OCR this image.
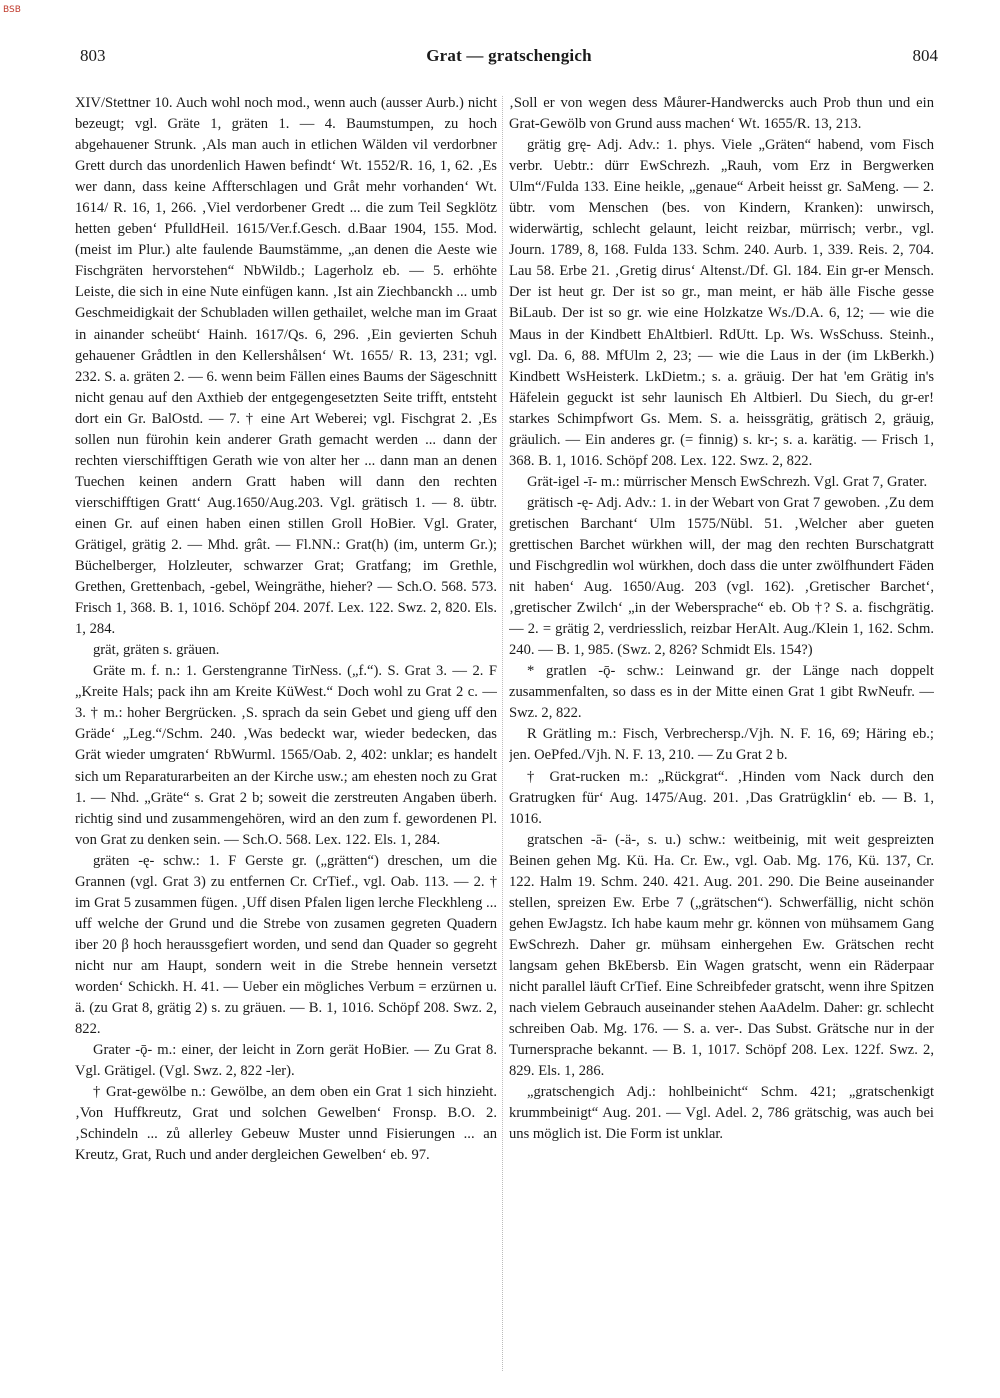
BSB
803	Grat — gratschengich	804

XIV/Stettner 10. Auch wohl noch mod., wenn auch (ausser Aurb.) nicht bezeugt; vgl. Gräte 1, gräten 1. — 4. Baumstumpen, zu hoch abgehauener Strunk. ‚Als man auch in etlichen Wälden vil verdorbner Grett durch das unordenlich Hawen befindt‘ Wt. 1552/R. 16, 1, 62. ‚Es wer dann, dass keine Affterschlagen und Gråt mehr vorhanden‘ Wt. 1614/ R. 16, 1, 266. ‚Viel verdorbener Gredt ... die zum Teil Segklötz hetten geben‘ PfulldHeil. 1615/Ver.f.Gesch. d.Baar 1904, 155. Mod. (meist im Plur.) alte faulende Baumstämme, „an denen die Aeste wie Fischgräten hervorstehen“ NbWildb.; Lagerholz eb. — 5. erhöhte Leiste, die sich in eine Nute einfügen kann. ‚Ist ain Ziechbanckh ... umb Geschmeidigkait der Schubladen willen gethailet, welche man im Graat in ainander scheübt‘ Hainh. 1617/Qs. 6, 296. ‚Ein gevierten Schuh gehauener Grådtlen in den Kellershålsen‘ Wt. 1655/ R. 13, 231; vgl. 232. S. a. gräten 2. — 6. wenn beim Fällen eines Baums der Sägeschnitt nicht genau auf den Axthieb der entgegengesetzten Seite trifft, entsteht dort ein Gr. BalOstd. — 7. † eine Art Weberei; vgl. Fischgrat 2. ‚Es sollen nun fürohin kein anderer Grath gemacht werden ... dann der rechten vierschifftigen Gerath wie von alter her ... dann man an denen Tuechen keinen andern Gratt haben will dann den rechten vierschifftigen Gratt‘ Aug.1650/Aug.203. Vgl. grätisch 1. — 8. übtr. einen Gr. auf einen haben einen stillen Groll HoBier. Vgl. Grater, Grätigel, grätig 2. — Mhd. grât. — Fl.NN.: Grat(h) (im, unterm Gr.); Büchelberger, Holzleuter, schwarzer Grat; Gratfang; im Grethle, Grethen, Grettenbach, -gebel, Weingräthe, hieher? — Sch.O. 568. 573. Frisch 1, 368. B. 1, 1016. Schöpf 204. 207f. Lex. 122. Swz. 2, 820. Els. 1, 284.

grät, gräten s. gräuen.

Gräte m. f. n.: 1. Gerstengranne TirNess. („f.“). S. Grat 3. — 2. F „Kreite Hals; pack ihn am Kreite KüWest.“ Doch wohl zu Grat 2 c. — 3. † m.: hoher Bergrücken. ‚S. sprach da sein Gebet und gieng uff den Gräde‘ „Leg.“/Schm. 240. ‚Was bedeckt war, wieder bedecken, das Grät wieder umgraten‘ RbWurml. 1565/Oab. 2, 402: unklar; es handelt sich um Reparaturarbeiten an der Kirche usw.; am ehesten noch zu Grat 1. — Nhd. „Gräte“ s. Grat 2 b; soweit die zerstreuten Angaben überh. richtig sind und zusammengehören, wird an den zum f. gewordenen Pl. von Grat zu denken sein. — Sch.O. 568. Lex. 122. Els. 1, 284.

gräten -ę- schw.: 1. F Gerste gr. („grätten“) dreschen, um die Grannen (vgl. Grat 3) zu entfernen Cr. CrTief., vgl. Oab. 113. — 2. † im Grat 5 zusammen fügen. ‚Uff disen Pfalen ligen lerche Fleckhleng ... uff welche der Grund und die Strebe von zusamen gegreten Quadern iber 20 β hoch heraussgefiert worden, und send dan Quader so gegreht nicht nur am Haupt, sondern weit in die Strebe hennein versetzt worden‘ Schickh. H. 41. — Ueber ein mögliches Verbum = erzürnen u. ä. (zu Grat 8, grätig 2) s. zu gräuen. — B. 1, 1016. Schöpf 208. Swz. 2, 822.

Grater -ǭ- m.: einer, der leicht in Zorn gerät HoBier. — Zu Grat 8. Vgl. Grätigel. (Vgl. Swz. 2, 822 -ler).

† Grat-gewölbe n.: Gewölbe, an dem oben ein Grat 1 sich hinzieht. ‚Von Huffkreutz, Grat und solchen Gewelben‘ Fronsp. B.O. 2. ‚Schindeln ... zů allerley Gebeuw Muster unnd Fisierungen ... an Kreutz, Grat, Ruch und ander dergleichen Gewelben‘ eb. 97.

‚Soll er von wegen dess Måurer-Handwercks auch Prob thun und ein Grat-Gewölb von Grund auss machen‘ Wt. 1655/R. 13, 213.

grätig grę- Adj. Adv.: 1. phys. Viele „Gräten“ habend, vom Fisch verbr. Uebtr.: dürr EwSchrezh. „Rauh, vom Erz in Bergwerken Ulm“/Fulda 133. Eine heikle, „genaue“ Arbeit heisst gr. SaMeng. — 2. übtr. vom Menschen (bes. von Kindern, Kranken): unwirsch, widerwärtig, schlecht gelaunt, leicht reizbar, mürrisch; verbr., vgl. Journ. 1789, 8, 168. Fulda 133. Schm. 240. Aurb. 1, 339. Reis. 2, 704. Lau 58. Erbe 21. ‚Gretig dirus‘ Altenst./Df. Gl. 184. Ein gr-er Mensch. Der ist heut gr. Der ist so gr., man meint, er häb älle Fische gesse BiLaub. Der ist so gr. wie eine Holzkatze Ws./D.A. 6, 12; — wie die Maus in der Kindbett EhAltbierl. RdUtt. Lp. Ws. WsSchuss. Steinh., vgl. Da. 6, 88. MfUlm 2, 23; — wie die Laus in der (im LkBerkh.) Kindbett WsHeisterk. LkDietm.; s. a. gräuig. Der hat 'em Grätig in's Häfelein geguckt ist sehr launisch Eh Altbierl. Du Siech, du gr-er! starkes Schimpfwort Gs. Mem. S. a. heissgrätig, grätisch 2, gräuig, gräulich. — Ein anderes gr. (= finnig) s. kr-; s. a. karätig. — Frisch 1, 368. B. 1, 1016. Schöpf 208. Lex. 122. Swz. 2, 822.

Grät-igel -ī- m.: mürrischer Mensch EwSchrezh. Vgl. Grat 7, Grater.

grätisch -ę- Adj. Adv.: 1. in der Webart von Grat 7 gewoben. ‚Zu dem gretischen Barchant‘ Ulm 1575/Nübl. 51. ‚Welcher aber gueten grettischen Barchet würkhen will, der mag den rechten Burschatgratt und Fischgredlin wol würkhen, doch dass die unter zwölfhundert Fäden nit haben‘ Aug. 1650/Aug. 203 (vgl. 162). ‚Gretischer Barchet‘, ‚gretischer Zwilch‘ „in der Webersprache“ eb. Ob †? S. a. fischgrätig. — 2. = grätig 2, verdriesslich, reizbar HerAlt. Aug./Klein 1, 162. Schm. 240. — B. 1, 985. (Swz. 2, 826? Schmidt Els. 154?)

* gratlen -ǭ- schw.: Leinwand gr. der Länge nach doppelt zusammenfalten, so dass es in der Mitte einen Grat 1 gibt RwNeufr. — Swz. 2, 822.

R Grätling m.: Fisch, Verbrechersp./Vjh. N. F. 16, 69; Häring eb.; jen. OePfed./Vjh. N. F. 13, 210. — Zu Grat 2 b.

† Grat-rucken m.: „Rückgrat“. ‚Hinden vom Nack durch den Gratrugken für‘ Aug. 1475/Aug. 201. ‚Das Gratrügklin‘ eb. — B. 1, 1016.

gratschen -ā- (-ä-, s. u.) schw.: weitbeinig, mit weit gespreizten Beinen gehen Mg. Kü. Ha. Cr. Ew., vgl. Oab. Mg. 176, Kü. 137, Cr. 122. Halm 19. Schm. 240. 421. Aug. 201. 290. Die Beine auseinander stellen, spreizen Ew. Erbe 7 („grätschen“). Schwerfällig, nicht schön gehen EwJagstz. Ich habe kaum mehr gr. können von mühsamem Gang EwSchrezh. Daher gr. mühsam einhergehen Ew. Grätschen recht langsam gehen BkEbersb. Ein Wagen gratscht, wenn ein Räderpaar nicht parallel läuft CrTief. Eine Schreibfeder gratscht, wenn ihre Spitzen nach vielem Gebrauch auseinander stehen AaAdelm. Daher: gr. schlecht schreiben Oab. Mg. 176. — S. a. ver-. Das Subst. Grätsche nur in der Turnersprache bekannt. — B. 1, 1017. Schöpf 208. Lex. 122f. Swz. 2, 829. Els. 1, 286.

„gratschengich Adj.: hohlbeinicht“ Schm. 421; „gratschenkigt krummbeinigt“ Aug. 201. — Vgl. Adel. 2, 786 grätschig, was auch bei uns möglich ist. Die Form ist unklar.
